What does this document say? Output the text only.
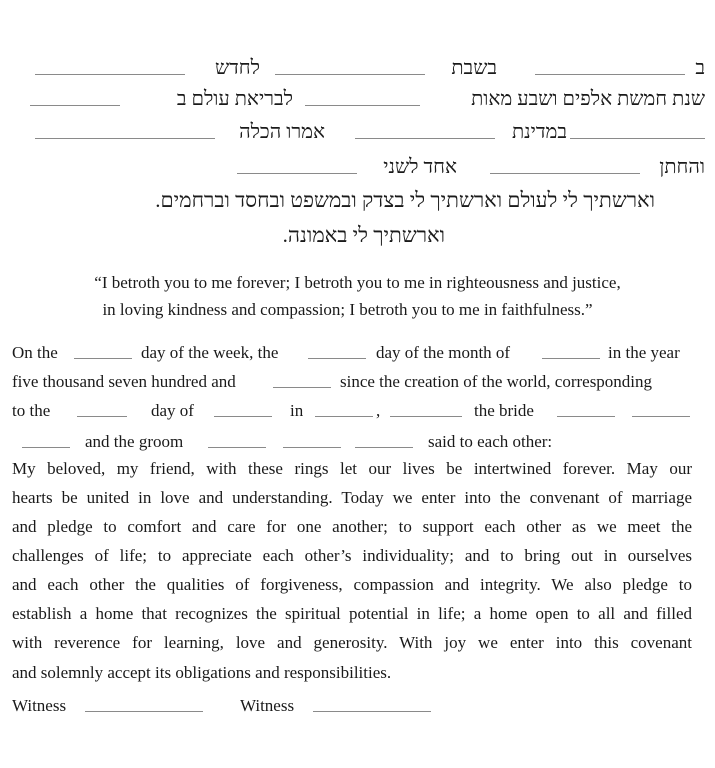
ב
בשבת
לחדש
שנת חמשת אלפים ושבע מאות
לבריאת עולם ב
במדינת
אמרו הכלה
והחתן
אחד לשני
וארשתיך לי לעולם וארשתיך לי בצדק ובמשפט ובחסד וברחמים.
וארשתיך לי באמונה.
“I betroth you to me forever; I betroth you to me in righteousness and justice,
in loving kindness and compassion; I betroth you to me in faithfulness.”
On the	day of the week, the	day of the month of	in the year
five thousand seven hundred and	since the creation of the world, corresponding
to the	day of	in	,	the bride
and the groom	said to each other:
My beloved, my friend, with these rings let our lives be intertwined forever. May our
hearts be united in love and understanding. Today we enter into the convenant of marriage
and pledge to comfort and care for one another; to support each other as we meet the
challenges of life; to appreciate each other’s individuality; and to bring out in ourselves
and each other the qualities of forgiveness, compassion and integrity. We also pledge to
establish a home that recognizes the spiritual potential in life; a home open to all and filled
with reverence for learning, love and generosity. With joy we enter into this covenant
and solemnly accept its obligations and responsibilities.
Witness	Witness
